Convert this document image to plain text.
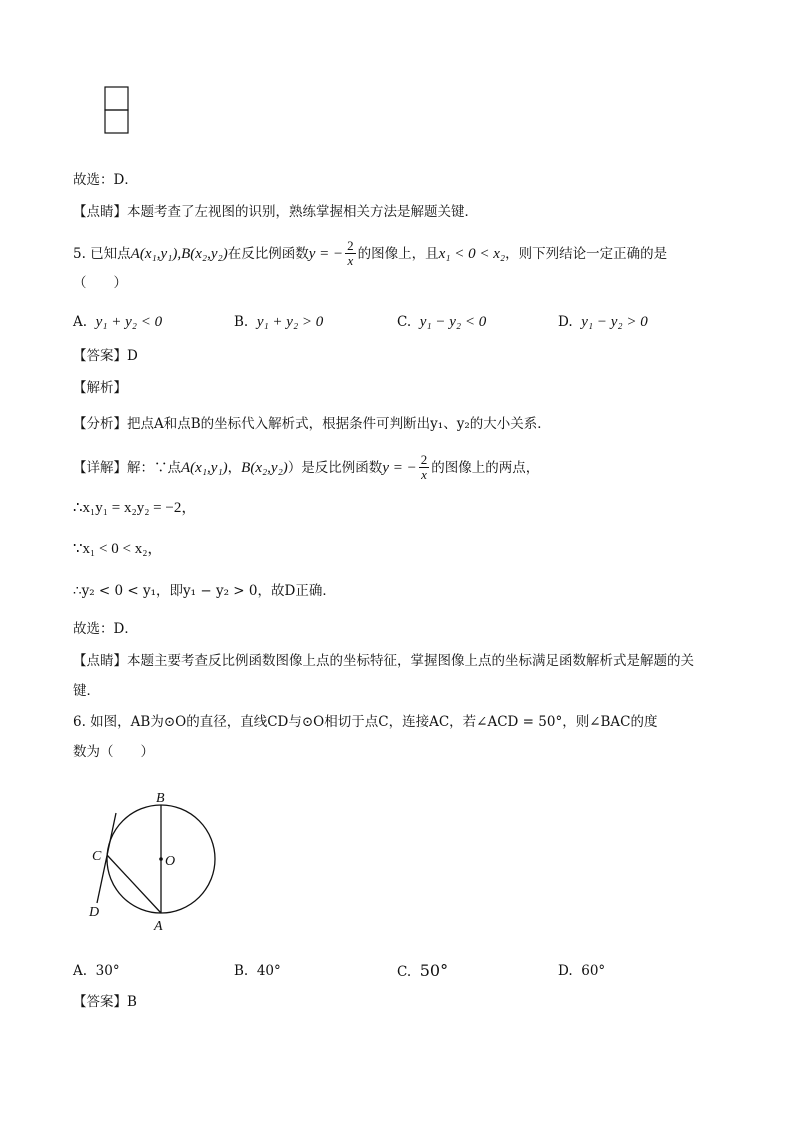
故选：D．
【点睛】本题考查了左视图的识别，熟练掌握相关方法是解题关键．
5. 已知点A(x₁,y₁),B(x₂,y₂)在反比例函数y = − $\frac{2}{x}$ 的图像上，且x₁ < 0 < x₂，则下列结论一定正确的是
（　　）
A. y₁ + y₂ < 0	B. y₁ + y₂ > 0	C. y₁ − y₂ < 0	D. y₁ − y₂ > 0
【答案】D
【解析】
【分析】把点A和点B的坐标代入解析式，根据条件可判断出y₁、y₂的大小关系．
【详解】解：∵点A(x₁,y₁)，B(x₂,y₂)）是反比例函数y = − $\frac{2}{x}$ 的图像上的两点，
∴x₁y₁ = x₂y₂ = −2，
∵x₁ < 0 < x₂，
∴y₂ < 0 < y₁，即y₁ − y₂ > 0，故D正确．
故选：D．
【点睛】本题主要考查反比例函数图像上点的坐标特征，掌握图像上点的坐标满足函数解析式是解题的关
键．
6. 如图，AB为⊙O的直径，直线CD与⊙O相切于点C，连接AC，若∠ACD = 50°，则∠BAC的度
数为（　　）
B
C	O
D
A
A. 30°	B. 40°	C. 50°	D. 60°
【答案】B
